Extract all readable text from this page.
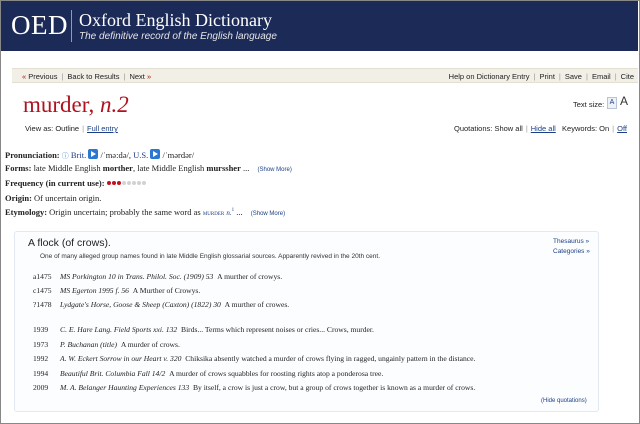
OED Oxford English Dictionary
The definitive record of the English language
« Previous | Back to Results | Next »	Help on Dictionary Entry | Print | Save | Email | Cite
murder, n.2	Text size: A A
View as: Outline | Full entry	Quotations: Show all | Hide all Keywords: On | Off
Pronunciation: ⓘ Brit. /ˈmə:də/, U.S. /ˈmərdər/
Forms: late Middle English morther, late Middle English murssher ... (Show More)
Frequency (in current use):
Origin: Of uncertain origin.
Etymology: Origin uncertain; probably the same word as murder n.$^1$ ... (Show More)
A flock (of crows).
One of many alleged group names found in late Middle English glossarial sources. Apparently revived in the 20th cent.
Thesaurus »
Categories »
a1475 MS Porkington 10 in Trans. Philol. Soc. (1909) 53 A murther of crowys.
c1475 MS Egerton 1995 f. 56 A Murther of Crowys.
?1478 Lydgate's Horse, Goose & Sheep (Caxton) (1822) 30 A murther of crowes.
1939 C. E. Hare Lang. Field Sports xxi. 132 Birds... Terms which represent noises or cries... Crows, murder.
1973 P. Buchanan (title) A murder of crows.
1992 A. W. Eckert Sorrow in our Heart v. 320 Chiksika absently watched a murder of crows flying in ragged, ungainly pattern in the distance.
1994 Beautiful Brit. Columbia Fall 14/2 A murder of crows squabbles for roosting rights atop a ponderosa tree.
2009 M. A. Belanger Haunting Experiences 133 By itself, a crow is just a crow, but a group of crows together is known as a murder of crows.
(Hide quotations)
